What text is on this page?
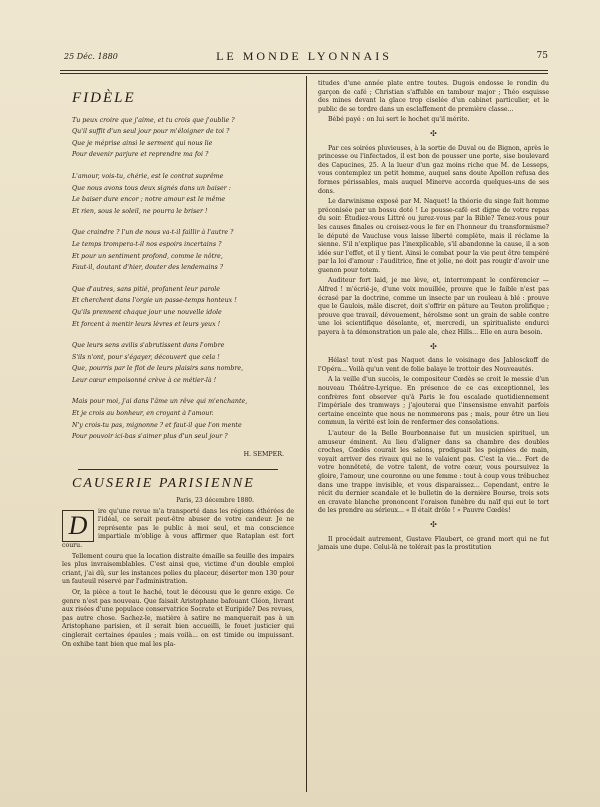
25 Déc. 1880	LE MONDE LYONNAIS	75
FIDÈLE
Tu peux croire que j'aime, et tu crois que j'oublie ?
Qu'il suffit d'un seul jour pour m'éloigner de toi ?
Que je méprise ainsi le serment qui nous lie
Pour devenir parjure et reprendre ma foi ?
L'amour, vois-tu, chérie, est le contrat suprême
Que nous avons tous deux signés dans un baiser :
Le baiser dure encor ; notre amour est le même
Et rien, sous le soleil, ne pourra le briser !
Que craindre ? l'un de nous va-t-il faillir à l'autre ?
Le temps trompera-t-il nos espoirs incertains ?
Et pour un sentiment profond, comme le nôtre,
Faut-il, doutant d'hier, douter des lendemains ?
Que d'autres, sans pitié, profanent leur parole
Et cherchent dans l'orgie un passe-temps honteux !
Qu'ils prennent chaque jour une nouvelle idole
Et forcent à mentir leurs lèvres et leurs yeux !
Que leurs sens avilis s'abrutissent dans l'ombre
S'ils n'ont, pour s'égayer, découvert que cela !
Que, pourris par le flot de leurs plaisirs sans nombre,
Leur cœur empoisonné crève à ce métier-là !
Mais pour moi, j'ai dans l'âme un rêve qui m'enchante,
Et je crois au bonheur, en croyant à l'amour.
N'y crois-tu pas, mignonne ? et faut-il que l'on mente
Pour pouvoir ici-bas s'aimer plus d'un seul jour ?
H. SEMPER.
CAUSERIE PARISIENNE
Paris, 23 décembre 1880.

D	ire qu'une revue m'a transporté dans les régions éthérées de l'idéal, ce serait peut-être abuser de votre candeur. Je ne représente pas le public à moi seul, et ma conscience impartiale m'oblige à vous affirmer que Rataplan est fort couru.

Tellement couru que la location distraite émaille sa feuille des impairs les plus invraisemblables. C'est ainsi que, victime d'un double emploi criant, j'ai dû, sur les instances polies du placeur, déserter mon 130 pour un fauteuil réservé par l'administration.

Or, la pièce a tout le haché, tout le décousu que le genre exige. Ce genre n'est pas nouveau. Que faisait Aristophane bafouant Cléon, livrant aux risées d'une populace conservatrice Socrate et Euripide? Des revues, pas autre chose. Sachez-le, matière à satire ne manquerait pas à un Aristophane parisien, et il serait bien accueilli, le fouet justicier qui cinglerait certaines épaules ; mais voilà... on est timide ou impuissant. On exhibe tant bien que mal les pla-

titudes d'une année plate entre toutes. Dugois endosse le rondin du garçon de café ; Christian s'affuble en tambour major ; Théo esquisse des mines devant la glace trop ciselée d'un cabinet particulier, et le public de se tordre dans un esclaffement de première classe...

Bébé payé : on lui sert le hochet qu'il mérite.

✣

Par ces soirées pluvieuses, à la sortie de Duval ou de Bignon, après le princesse ou l'infectados, il est bon de pousser une porte, sise boulevard des Capucines, 25. A la lueur d'un gaz moins riche que M. de Lesseps, vous contemplez un petit homme, auquel sans doute Apollon refusa des formes périssables, mais auquel Minerve accorda quelques-uns de ses dons.

Le darwinisme exposé par M. Naquet! la théorie du singe fait homme préconisée par un bossu doté ! Le pousse-café est digne de votre repas du soir. Étudiez-vous Littré ou jurez-vous par la Bible? Tenez-vous pour les causes finales ou croisez-vous le fer en l'honneur du transformisme? le député de Vaucluse vous laisse liberté complète, mais il réclame la sienne. S'il n'explique pas l'inexplicable, s'il abandonne la cause, il a son idée sur l'effet, et il y tient. Ainsi le combat pour la vie peut être tempéré par la loi d'amour : l'auditrice, fine et jolie, ne doit pas rougir d'avoir une guenon pour totem.

Auditeur fort laid, je me lève, et, interrompant le conférencier — Alfred ! m'écrié-je, d'une voix mouillée, prouve que le faible n'est pas écrasé par la doctrine, comme un insecte par un rouleau à blé : prouve que le Gaulois, mâle discret, doit s'offrir en pâture au Teuton prolifique ; prouve que travail, dévouement, héroïsme sont un grain de sable contre une loi scientifique désolante, et, mercredi, un spiritualiste endurci payera à ta démonstration un pale ale, chez Hills... Elle en aura besoin.

✣

Hélas! tout n'est pas Naquet dans le voisinage des Jablosckoff de l'Opéra... Voilà qu'un vent de folie balaye le trottoir des Nouveautés.

A la veille d'un succès, le compositeur Cœdès se croit le messie d'un nouveau Théâtre-Lyrique. En présence de ce cas exceptionnel, les confrères font observer qu'à Paris le fou escalade quotidiennement l'impériale des tramways ; j'ajouterai que l'insensisme envahit parfois certaine enceinte que nous ne nommerons pas ; mais, pour être un lieu commun, la vérité est loin de renfermer des consolations.

L'auteur de la Belle Bourbonnaise fut un musicien spirituel, un amuseur éminent. Au lieu d'aligner dans sa chambre des doubles croches, Cœdès courait les salons, prodiguait les poignées de main, voyait arriver des rivaux qui ne le valaient pas. C'est la vie... Fort de votre honnêteté, de votre talent, de votre cœur, vous poursuivez la gloire, l'amour, une couronne ou une femme : tout à coup vous trébuchez dans une trappe invisible, et vous disparaissez... Cependant, entre le récit du dernier scandale et le bulletin de la dernière Bourse, trois sots en cravate blanche prononcent l'oraison funèbre du naïf qui eut le tort de les prendre au sérieux... « Il était drôle ! » Pauvre Cœdès!

✣

Il procédait autrement, Gustave Flaubert, ce grand mort qui ne fut jamais une dupe. Celui-là ne tolérait pas la prostitution
